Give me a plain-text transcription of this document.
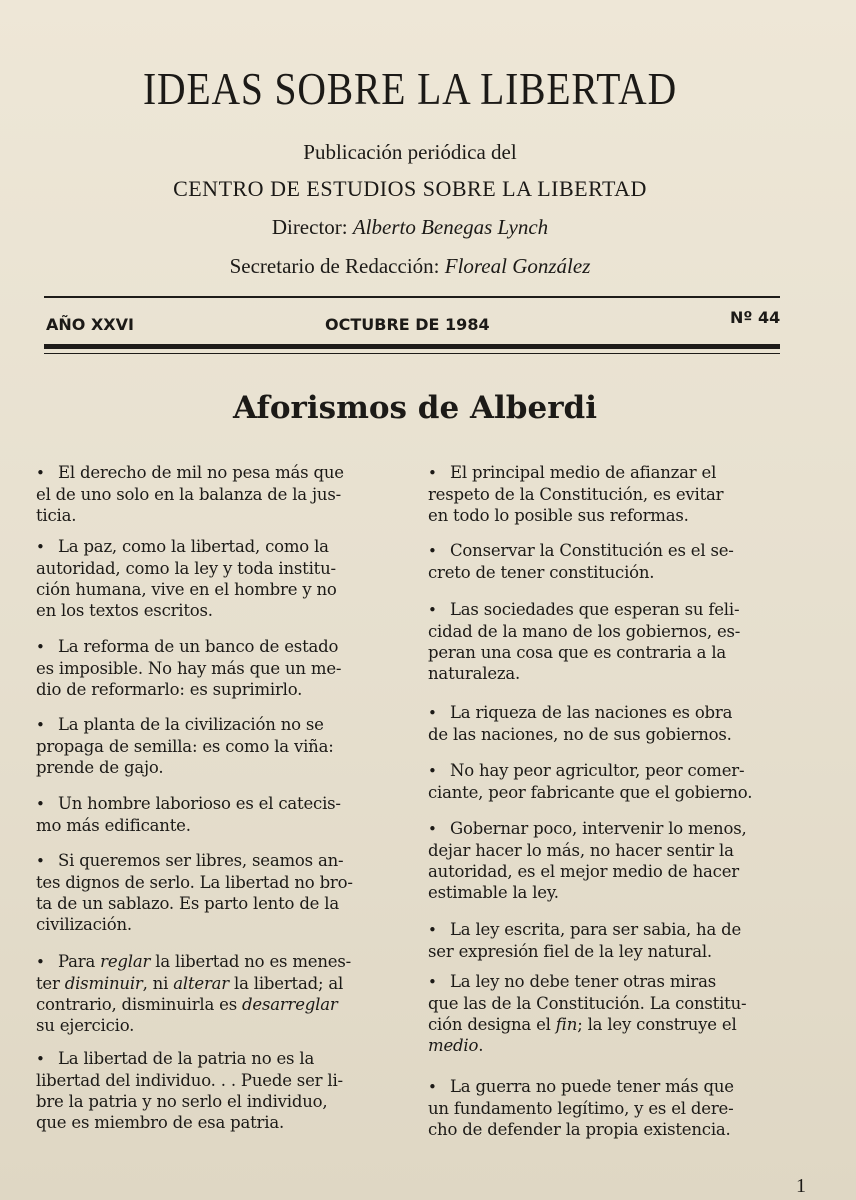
IDEAS SOBRE LA LIBERTAD
Publicación periódica del
CENTRO DE ESTUDIOS SOBRE LA LIBERTAD
Director: Alberto Benegas Lynch
Secretario de Redacción: Floreal González
AÑO XXVI	OCTUBRE DE 1984	Nº 44
Aforismos de Alberdi

• El derecho de mil no pesa más que
el de uno solo en la balanza de la jus-
ticia.

• La paz, como la libertad, como la
autoridad, como la ley y toda institu-
ción humana, vive en el hombre y no
en los textos escritos.

• La reforma de un banco de estado
es imposible. No hay más que un me-
dio de reformarlo: es suprimirlo.

• La planta de la civilización no se
propaga de semilla: es como la viña:
prende de gajo.

• Un hombre laborioso es el catecis-
mo más edificante.

• Si queremos ser libres, seamos an-
tes dignos de serlo. La libertad no bro-
ta de un sablazo. Es parto lento de la
civilización.

• Para reglar la libertad no es menes-
ter disminuir, ni alterar la libertad; al
contrario, disminuirla es desarreglar
su ejercicio.

• La libertad de la patria no es la
libertad del individuo. . . Puede ser li-
bre la patria y no serlo el individuo,
que es miembro de esa patria.

• El principal medio de afianzar el
respeto de la Constitución, es evitar
en todo lo posible sus reformas.

• Conservar la Constitución es el se-
creto de tener constitución.

• Las sociedades que esperan su feli-
cidad de la mano de los gobiernos, es-
peran una cosa que es contraria a la
naturaleza.

• La riqueza de las naciones es obra
de las naciones, no de sus gobiernos.

• No hay peor agricultor, peor comer-
ciante, peor fabricante que el gobierno.

• Gobernar poco, intervenir lo menos,
dejar hacer lo más, no hacer sentir la
autoridad, es el mejor medio de hacer
estimable la ley.

• La ley escrita, para ser sabia, ha de
ser expresión fiel de la ley natural.

• La ley no debe tener otras miras
que las de la Constitución. La constitu-
ción designa el fin; la ley construye el
medio.

• La guerra no puede tener más que
un fundamento legítimo, y es el dere-
cho de defender la propia existencia.

1
